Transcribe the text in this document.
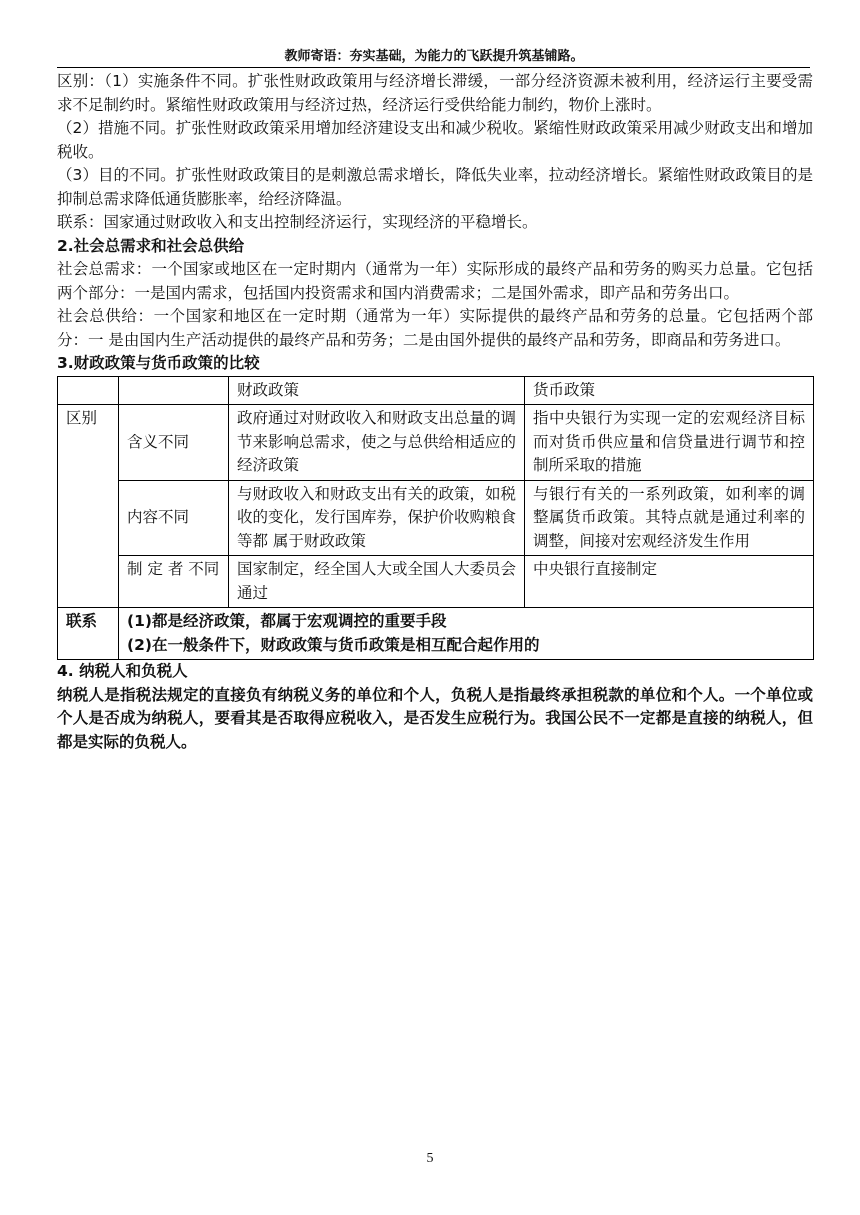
教师寄语：夯实基础，为能力的飞跃提升筑基铺路。

区别：（1）实施条件不同。扩张性财政政策用与经济增长滞缓，一部分经济资源未被利用，经济运行主要受需求不足制约时。紧缩性财政政策用与经济过热，经济运行受供给能力制约，物价上涨时。

（2）措施不同。扩张性财政政策采用增加经济建设支出和减少税收。紧缩性财政政策采用减少财政支出和增加税收。

（3）目的不同。扩张性财政政策目的是刺激总需求增长，降低失业率，拉动经济增长。紧缩性财政政策目的是抑制总需求降低通货膨胀率，给经济降温。

联系：国家通过财政收入和支出控制经济运行，实现经济的平稳增长。

2.社会总需求和社会总供给

社会总需求：一个国家或地区在一定时期内（通常为一年）实际形成的最终产品和劳务的购买力总量。它包括两个部分：一是国内需求，包括国内投资需求和国内消费需求；二是国外需求，即产品和劳务出口。

社会总供给：一个国家和地区在一定时期（通常为一年）实际提供的最终产品和劳务的总量。它包括两个部分：一 是由国内生产活动提供的最终产品和劳务；二是由国外提供的最终产品和劳务，即商品和劳务进口。

3.财政政策与货币政策的比较

		财政政策	货币政策
区别	含义不同	政府通过对财政收入和财政支出总量的调节来影响总需求，使之与总供给相适应的经济政策	指中央银行为实现一定的宏观经济目标而对货币供应量和信贷量进行调节和控制所采取的措施
	内容不同	与财政收入和财政支出有关的政策，如税收的变化，发行国库券，保护价收购粮食等都 属于财政政策	与银行有关的一系列政策，如利率的调整属货币政策。其特点就是通过利率的调整，间接对宏观经济发生作用
	制 定 者 不同	国家制定，经全国人大或全国人大委员会通过	中央银行直接制定
联系	(1)都是经济政策，都属于宏观调控的重要手段
(2)在一般条件下，财政政策与货币政策是相互配合起作用的		

4. 纳税人和负税人

纳税人是指税法规定的直接负有纳税义务的单位和个人，负税人是指最终承担税款的单位和个人。一个单位或个人是否成为纳税人，要看其是否取得应税收入，是否发生应税行为。我国公民不一定都是直接的纳税人，但都是实际的负税人。

5
